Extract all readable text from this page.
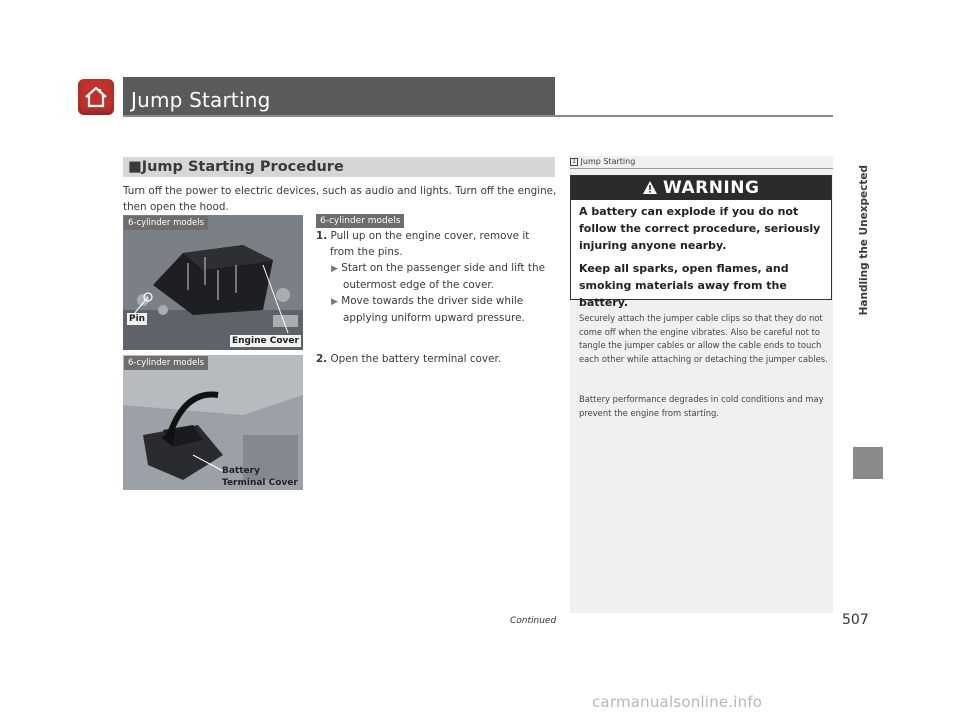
Jump Starting
■Jump Starting Procedure
Turn off the power to electric devices, such as audio and lights. Turn off the engine, then open the hood.
6-cylinder models
Pin
Engine Cover
6-cylinder models
Battery
Terminal Cover
6-cylinder models
1. Pull up on the engine cover, remove it from the pins.
▶ Start on the passenger side and lift the outermost edge of the cover.
▶ Move towards the driver side while applying uniform upward pressure.
2. Open the battery terminal cover.
1 Jump Starting
WARNING
A battery can explode if you do not follow the correct procedure, seriously injuring anyone nearby.
Keep all sparks, open flames, and smoking materials away from the battery.
Securely attach the jumper cable clips so that they do not come off when the engine vibrates. Also be careful not to tangle the jumper cables or allow the cable ends to touch each other while attaching or detaching the jumper cables.
Battery performance degrades in cold conditions and may prevent the engine from starting.
Handling the Unexpected
Continued	507
carmanualsonline.info
